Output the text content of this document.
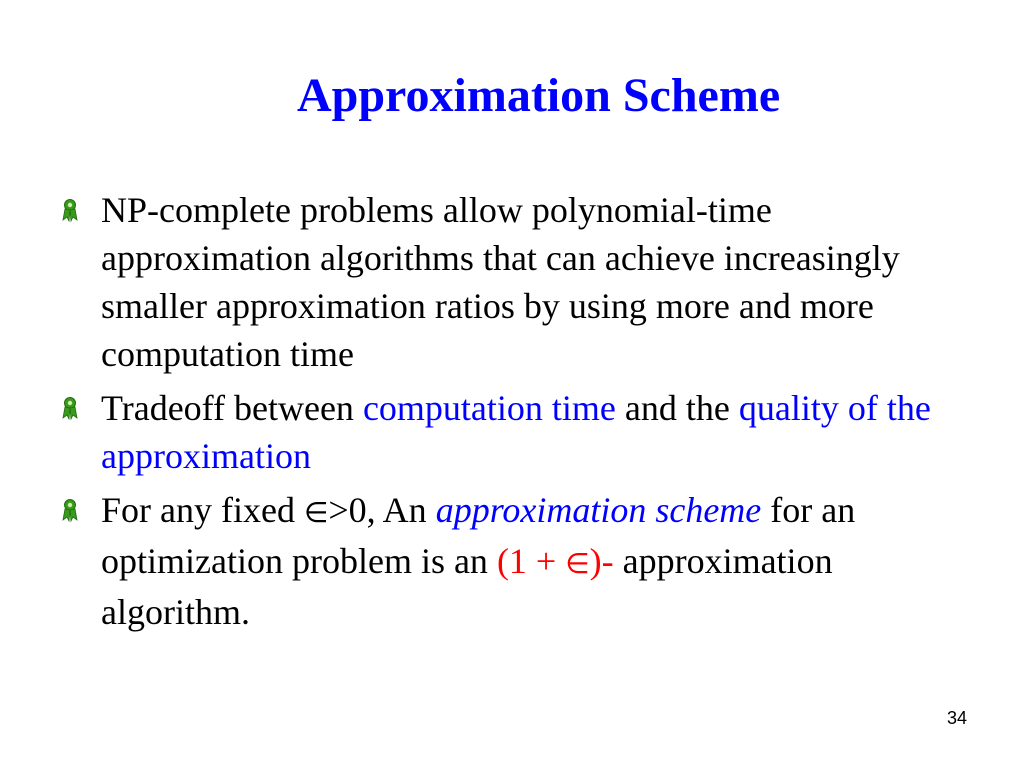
Approximation Scheme
NP-complete problems allow polynomial-time approximation algorithms that can achieve increasingly smaller approximation ratios by using more and more computation time
Tradeoff between computation time and the quality of the approximation
For any fixed ∈>0, An approximation scheme for an optimization problem is an (1 + ∈)- approximation algorithm.
34
